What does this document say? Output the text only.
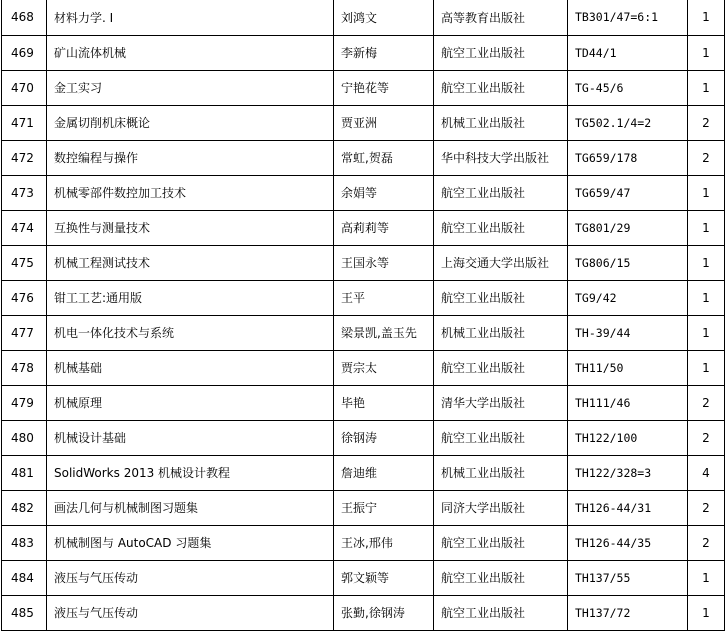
468	材料力学. I	刘鸿文	高等教育出版社	TB301/47=6:1	1
469	矿山流体机械	李新梅	航空工业出版社	TD44/1	1
470	金工实习	宁艳花等	航空工业出版社	TG-45/6	1
471	金属切削机床概论	贾亚洲	机械工业出版社	TG502.1/4=2	2
472	数控编程与操作	常虹,贺磊	华中科技大学出版社	TG659/178	2
473	机械零部件数控加工技术	余娟等	航空工业出版社	TG659/47	1
474	互换性与测量技术	高莉莉等	航空工业出版社	TG801/29	1
475	机械工程测试技术	王国永等	上海交通大学出版社	TG806/15	1
476	钳工工艺:通用版	王平	航空工业出版社	TG9/42	1
477	机电一体化技术与系统	梁景凯,盖玉先	机械工业出版社	TH-39/44	1
478	机械基础	贾宗太	航空工业出版社	TH11/50	1
479	机械原理	毕艳	清华大学出版社	TH111/46	2
480	机械设计基础	徐钢涛	航空工业出版社	TH122/100	2
481	SolidWorks 2013 机械设计教程	詹迪维	机械工业出版社	TH122/328=3	4
482	画法几何与机械制图习题集	王振宁	同济大学出版社	TH126-44/31	2
483	机械制图与 AutoCAD 习题集	王冰,邢伟	航空工业出版社	TH126-44/35	2
484	液压与气压传动	郭文颖等	航空工业出版社	TH137/55	1
485	液压与气压传动	张勤,徐钢涛	航空工业出版社	TH137/72	1
